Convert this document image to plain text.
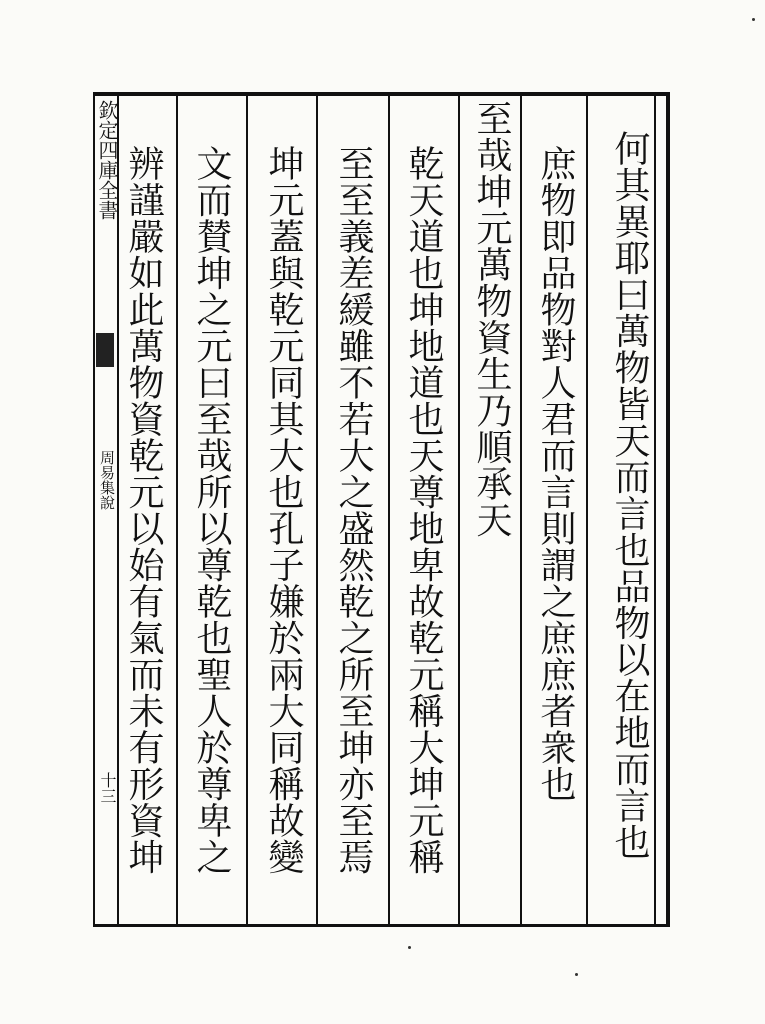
欽定四庫全書
周易集說
十三	何其異耶曰萬物皆天而言也品物以在地而言也
庶物即品物對人君而言則謂之庶庶者衆也
至哉坤元萬物資生乃順承天
乾天道也坤地道也天尊地卑故乾元稱大坤元稱
至至義差緩雖不若大之盛然乾之所至坤亦至焉
坤元蓋與乾元同其大也孔子嫌於兩大同稱故變
文而賛坤之元曰至哉所以尊乾也聖人於尊卑之
辨謹嚴如此萬物資乾元以始有氣而未有形資坤
